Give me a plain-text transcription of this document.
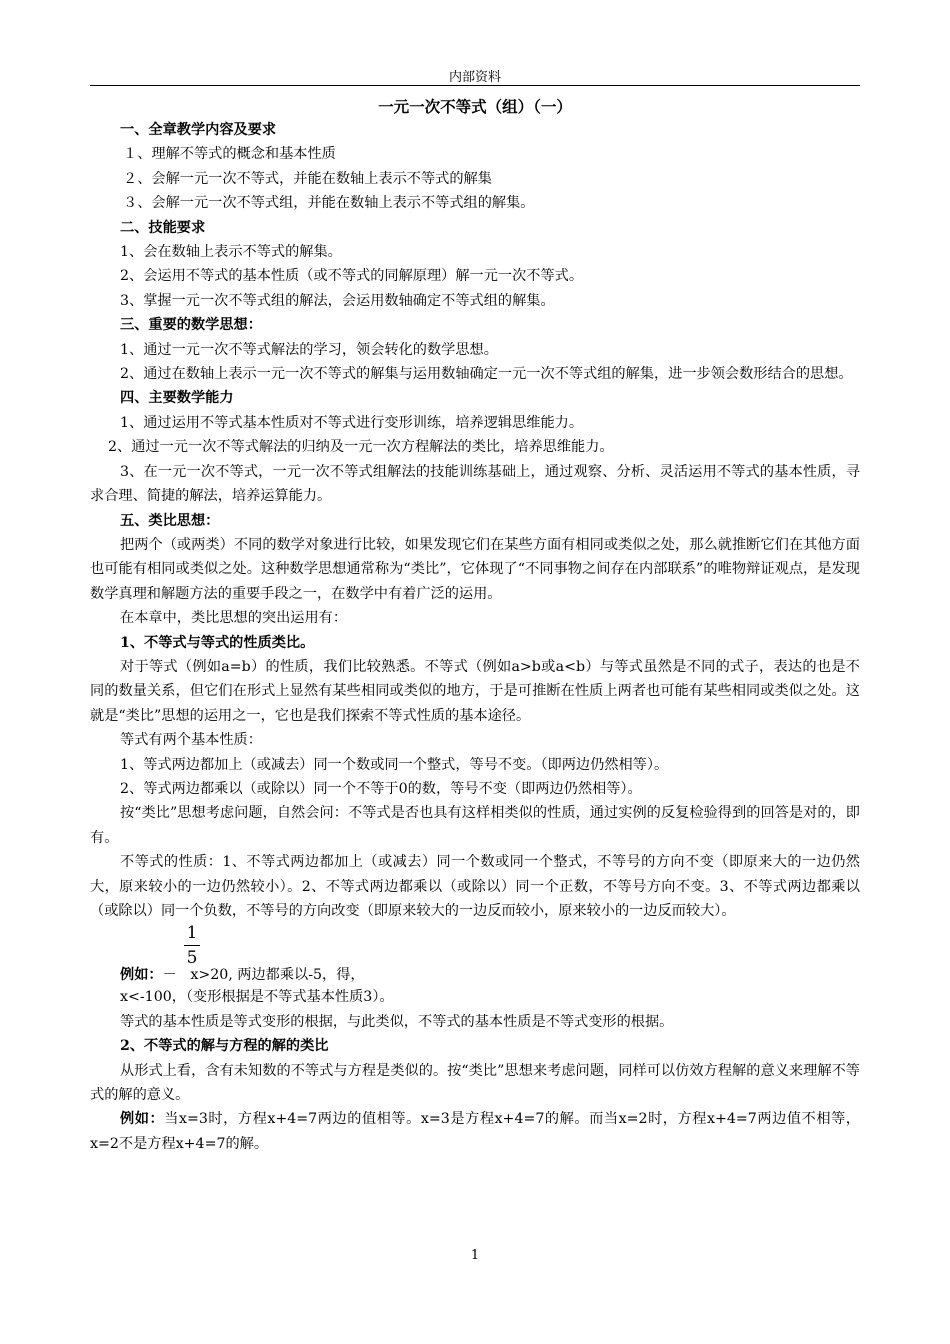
内部资料
一元一次不等式（组）（一）

一、全章教学内容及要求

１、理解不等式的概念和基本性质

２、会解一元一次不等式，并能在数轴上表示不等式的解集

３、会解一元一次不等式组，并能在数轴上表示不等式组的解集。

二、技能要求

1、会在数轴上表示不等式的解集。

2、会运用不等式的基本性质（或不等式的同解原理）解一元一次不等式。

3、掌握一元一次不等式组的解法，会运用数轴确定不等式组的解集。

三、重要的数学思想：

1、通过一元一次不等式解法的学习，领会转化的数学思想。

2、通过在数轴上表示一元一次不等式的解集与运用数轴确定一元一次不等式组的解集，进一步领会数形结合的思想。

四、主要数学能力

1、通过运用不等式基本性质对不等式进行变形训练，培养逻辑思维能力。

2、通过一元一次不等式解法的归纳及一元一次方程解法的类比，培养思维能力。

3、在一元一次不等式，一元一次不等式组解法的技能训练基础上，通过观察、分析、灵活运用不等式的基本性质，寻求合理、简捷的解法，培养运算能力。

五、类比思想：

把两个（或两类）不同的数学对象进行比较，如果发现它们在某些方面有相同或类似之处，那么就推断它们在其他方面也可能有相同或类似之处。这种数学思想通常称为“类比”，它体现了“不同事物之间存在内部联系”的唯物辩证观点，是发现数学真理和解题方法的重要手段之一，在数学中有着广泛的运用。

在本章中，类比思想的突出运用有：

1、不等式与等式的性质类比。

对于等式（例如a=b）的性质，我们比较熟悉。不等式（例如a>b或a<b）与等式虽然是不同的式子，表达的也是不同的数量关系，但它们在形式上显然有某些相同或类似的地方，于是可推断在性质上两者也可能有某些相同或类似之处。这就是“类比”思想的运用之一，它也是我们探索不等式性质的基本途径。

等式有两个基本性质：

1、等式两边都加上（或减去）同一个数或同一个整式，等号不变。（即两边仍然相等）。

2、等式两边都乘以（或除以）同一个不等于0的数，等号不变（即两边仍然相等）。

按“类比”思想考虑问题，自然会问：不等式是否也具有这样相类似的性质，通过实例的反复检验得到的回答是对的，即有。

不等式的性质：1、不等式两边都加上（或减去）同一个数或同一个整式，不等号的方向不变（即原来大的一边仍然大，原来较小的一边仍然较小）。2、不等式两边都乘以（或除以）同一个正数，不等号方向不变。3、不等式两边都乘以（或除以）同一个负数，不等号的方向改变（即原来较大的一边反而较小，原来较小的一边反而较大）。

1
5
例如：－ x>20, 两边都乘以-5，得，

x<-100，（变形根据是不等式基本性质3）。

等式的基本性质是等式变形的根据，与此类似，不等式的基本性质是不等式变形的根据。

2、不等式的解与方程的解的类比

从形式上看，含有未知数的不等式与方程是类似的。按“类比”思想来考虑问题，同样可以仿效方程解的意义来理解不等式的解的意义。

例如：当x=3时，方程x+4=7两边的值相等。x=3是方程x+4=7的解。而当x=2时，方程x+4=7两边值不相等，x=2不是方程x+4=7的解。

1
